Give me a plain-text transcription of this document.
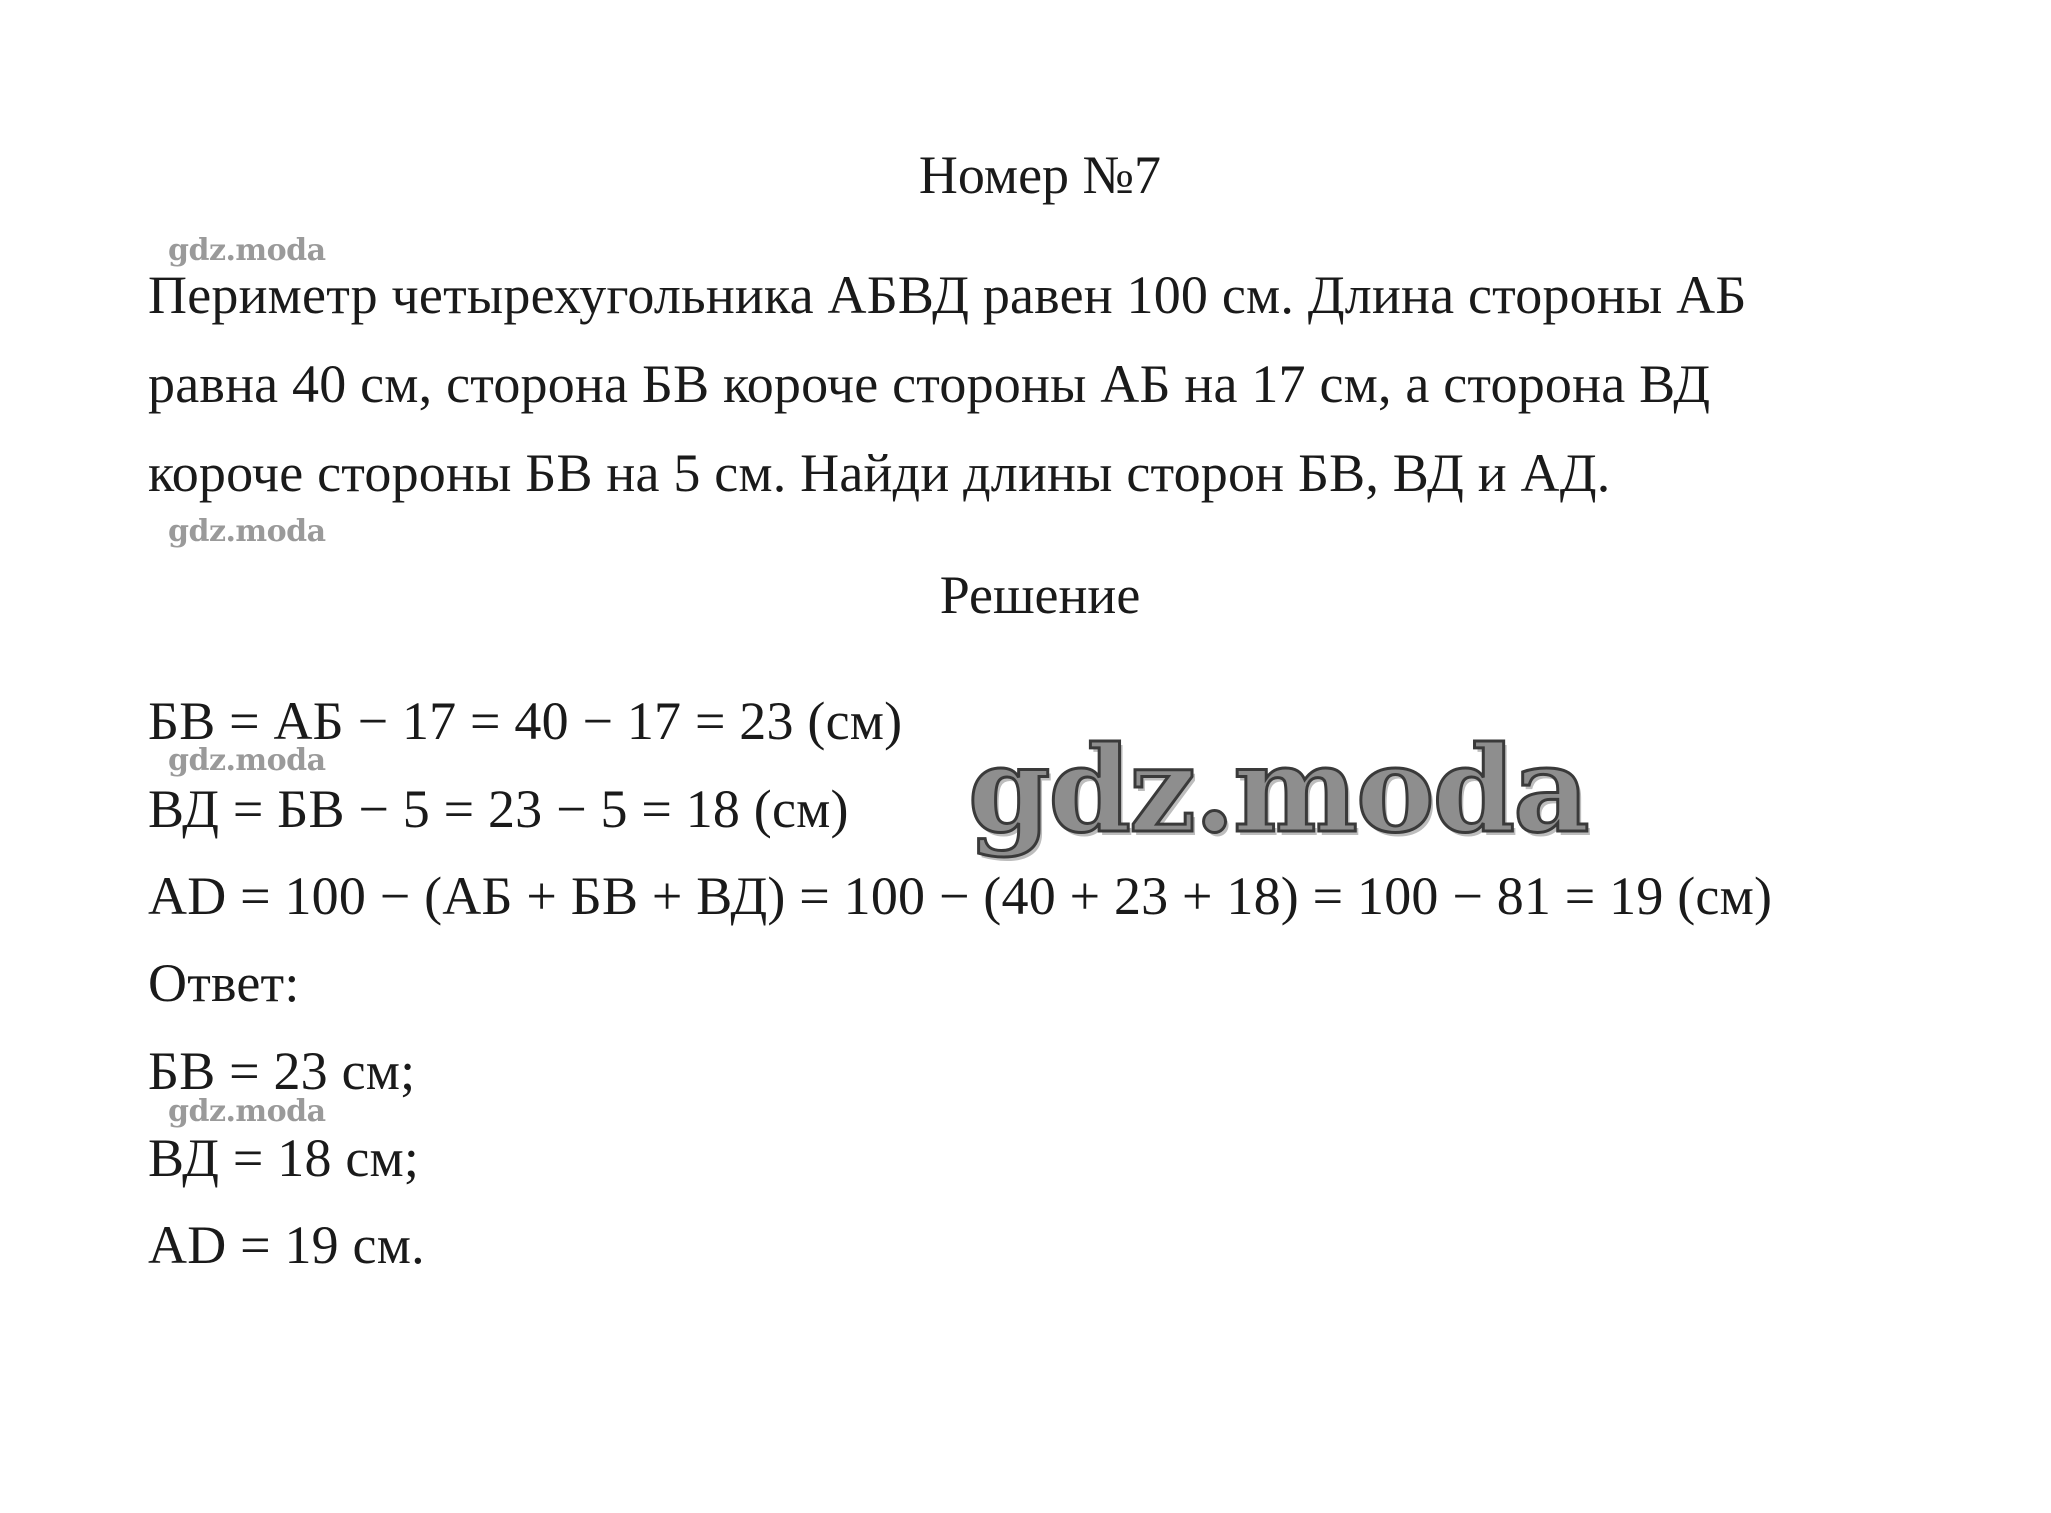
gdz.moda
gdz.moda
gdz.moda
gdz.moda
Номер №7
Периметр четырехугольника АБВД равен 100 см. Длина стороны АБ
равна 40 см, сторона БВ короче стороны АБ на 17 см, а сторона ВД
короче стороны БВ на 5 см. Найди длины сторон БВ, ВД и АД.
Решение
БВ = АБ − 17 = 40 − 17 = 23 (см)
ВД = БВ − 5 = 23 − 5 = 18 (см)
AD = 100 − (АБ + БВ + ВД) = 100 − (40 + 23 + 18) = 100 − 81 = 19 (см)
Ответ:
БВ = 23 см;
ВД = 18 см;
AD = 19 см.
gdz.moda
